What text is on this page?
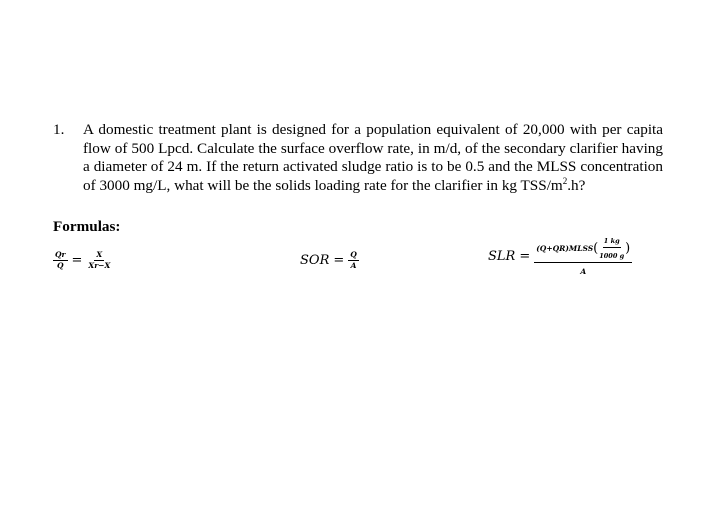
1.	A domestic treatment plant is designed for a population equivalent of 20,000 with per capita flow of 500 Lpcd. Calculate the surface overflow rate, in m/d, of the secondary clarifier having a diameter of 24 m. If the return activated sludge ratio is to be 0.5 and the MLSS concentration of 3000 mg/L, what will be the solids loading rate for the clarifier in kg TSS/$m^2.h$?
Formulas:
$\frac{Qr}{Q} = \frac{X}{Xr-X}$	SOR = $\frac{Q}{A}$	SLR =
(Q+QR)MLSS ( $\frac{1 kg}{1000 g}$ )
A
